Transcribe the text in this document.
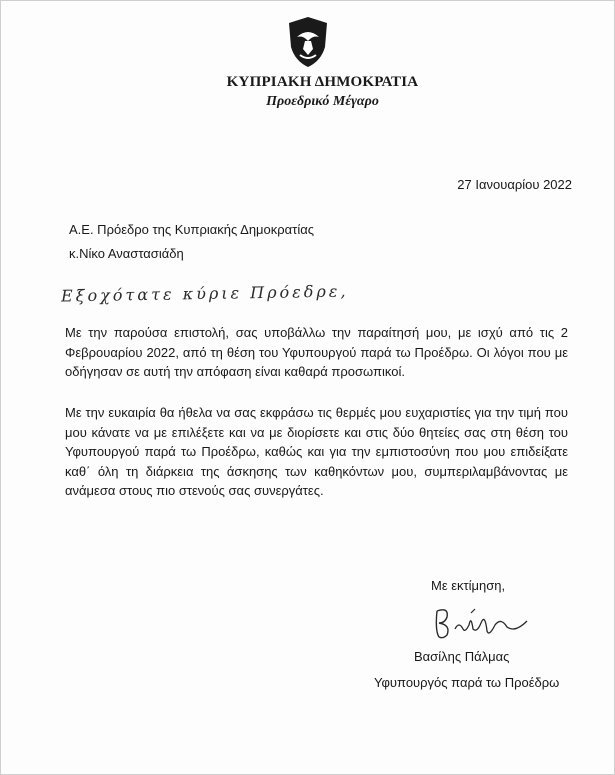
ΚΥΠΡΙΑΚΗ ΔΗΜΟΚΡΑΤΙΑ
Προεδρικό Μέγαρο
27 Ιανουαρίου 2022
Α.Ε. Πρόεδρο της Κυπριακής Δημοκρατίας
κ.Νίκο Αναστασιάδη
Εξοχότατε κύριε Πρόεδρε,
Με την παρούσα επιστολή, σας υποβάλλω την παραίτησή μου, με ισχύ από τις 2 Φεβρουαρίου 2022, από τη θέση του Υφυπουργού παρά τω Προέδρω. Οι λόγοι που με οδήγησαν σε αυτή την απόφαση είναι καθαρά προσωπικοί.
Με την ευκαιρία θα ήθελα να σας εκφράσω τις θερμές μου ευχαριστίες για την τιμή που μου κάνατε να με επιλέξετε και να με διορίσετε και στις δύο θητείες σας στη θέση του Υφυπουργού παρά τω Προέδρω, καθώς και για την εμπιστοσύνη που μου επιδείξατε καθ΄ όλη τη διάρκεια της άσκησης των καθηκόντων μου, συμπεριλαμβάνοντας με ανάμεσα στους πιο στενούς σας συνεργάτες.
Με εκτίμηση,
Βασίλης Πάλμας
Υφυπουργός παρά τω Προέδρω
